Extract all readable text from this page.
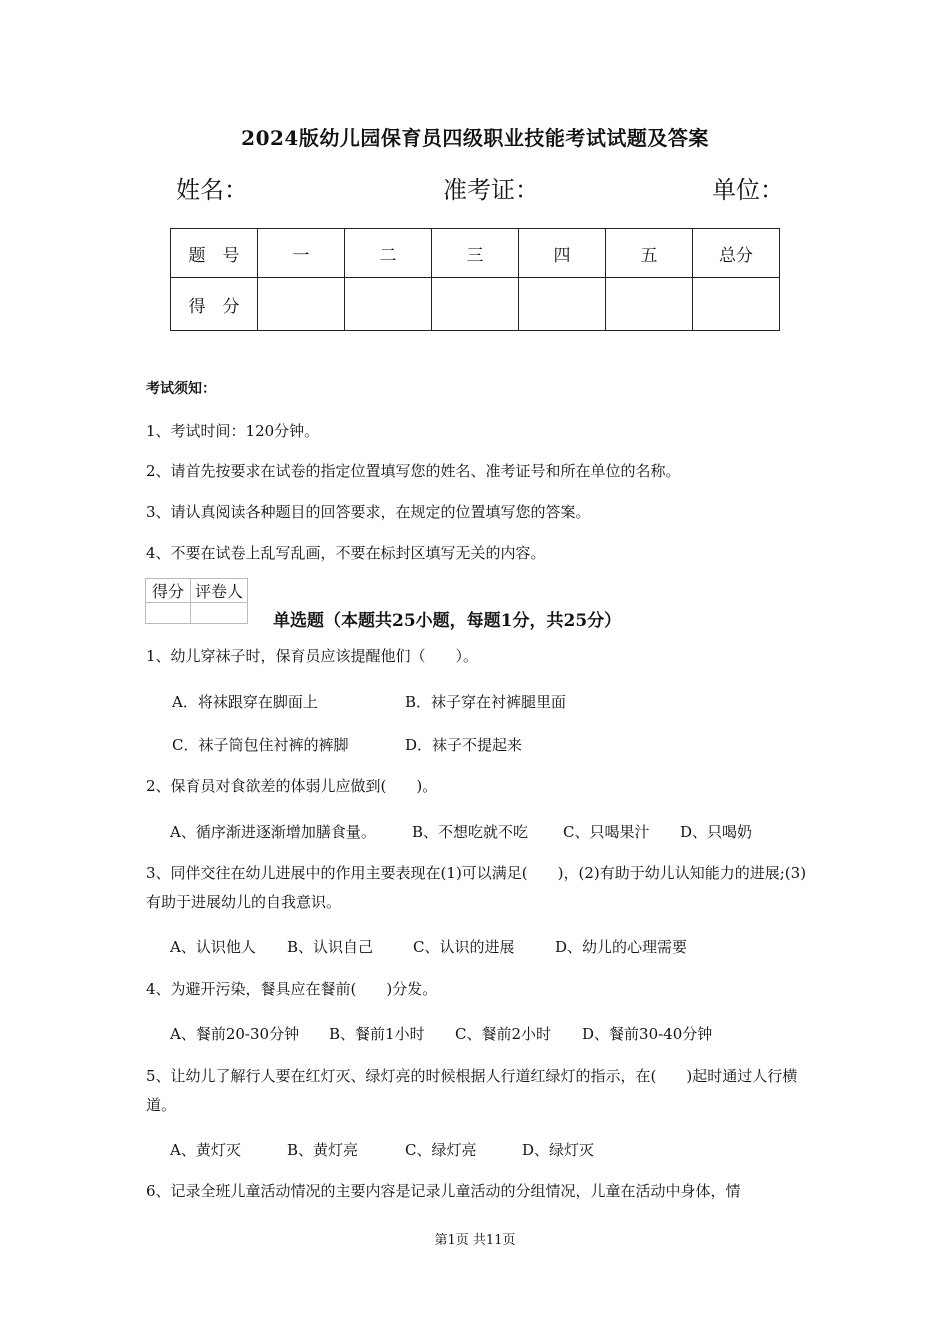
2024版幼儿园保育员四级职业技能考试试题及答案
姓名：	准考证：	单位：
题　号	一	二	三	四	五	总分
得　分						
考试须知：
1、考试时间：120分钟。
2、请首先按要求在试卷的指定位置填写您的姓名、准考证号和所在单位的名称。
3、请认真阅读各种题目的回答要求，在规定的位置填写您的答案。
4、不要在试卷上乱写乱画，不要在标封区填写无关的内容。
得分	评卷人

单选题（本题共25小题，每题1分，共25分）
1、幼儿穿袜子时，保育员应该提醒他们（　　）。
A．将袜跟穿在脚面上	B．袜子穿在衬裤腿里面
C．袜子筒包住衬裤的裤脚	D．袜子不提起来
2、保育员对食欲差的体弱儿应做到(　　)。
A、循序渐进逐渐增加膳食量。 B、不想吃就不吃 C、只喝果汁 D、只喝奶
3、同伴交往在幼儿进展中的作用主要表现在(1)可以满足(　　)，(2)有助于幼儿认知能力的进展;(3)有助于进展幼儿的自我意识。
A、认识他人 B、认识自己	C、认识的进展	D、幼儿的心理需要
4、为避开污染，餐具应在餐前(　　)分发。
A、餐前20-30分钟 B、餐前1小时 C、餐前2小时 D、餐前30-40分钟
5、让幼儿了解行人要在红灯灭、绿灯亮的时候根据人行道红绿灯的指示，在(　　)起时通过人行横道。
A、黄灯灭	B、黄灯亮	C、绿灯亮	D、绿灯灭
6、记录全班儿童活动情况的主要内容是记录儿童活动的分组情况，儿童在活动中身体，情
第1页 共11页
